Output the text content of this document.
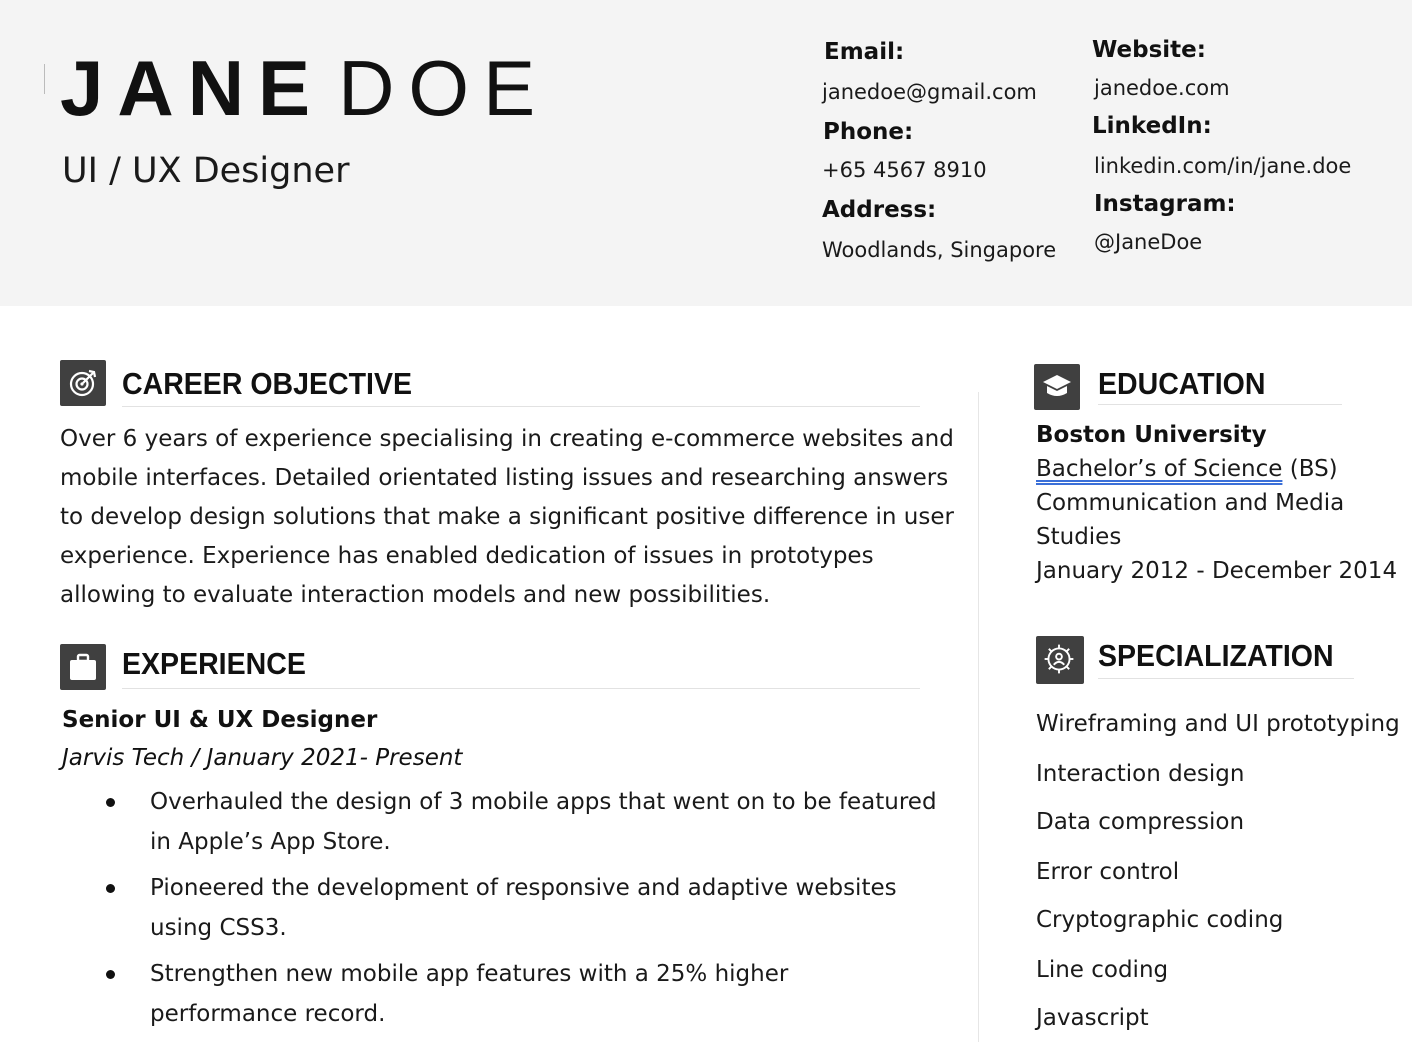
JANE DOE
UI / UX Designer
Email:
janedoe@gmail.com
Phone:
+65 4567 8910
Address:
Woodlands, Singapore
Website:
janedoe.com
LinkedIn:
linkedin.com/in/jane.doe
Instagram:
@JaneDoe
CAREER OBJECTIVE
Over 6 years of experience specialising in creating e-commerce websites and mobile interfaces. Detailed orientated listing issues and researching answers to develop design solutions that make a significant positive difference in user experience. Experience has enabled dedication of issues in prototypes allowing to evaluate interaction models and new possibilities.
EXPERIENCE
Senior UI & UX Designer
Jarvis Tech / January 2021- Present
Overhauled the design of 3 mobile apps that went on to be featured in Apple’s App Store.
Pioneered the development of responsive and adaptive websites using CSS3.
Strengthen new mobile app features with a 25% higher performance record.
EDUCATION
Boston University
Bachelor’s of Science (BS)
Communication and Media
Studies
January 2012 - December 2014
SPECIALIZATION
Wireframing and UI prototyping
Interaction design
Data compression
Error control
Cryptographic coding
Line coding
Javascript
